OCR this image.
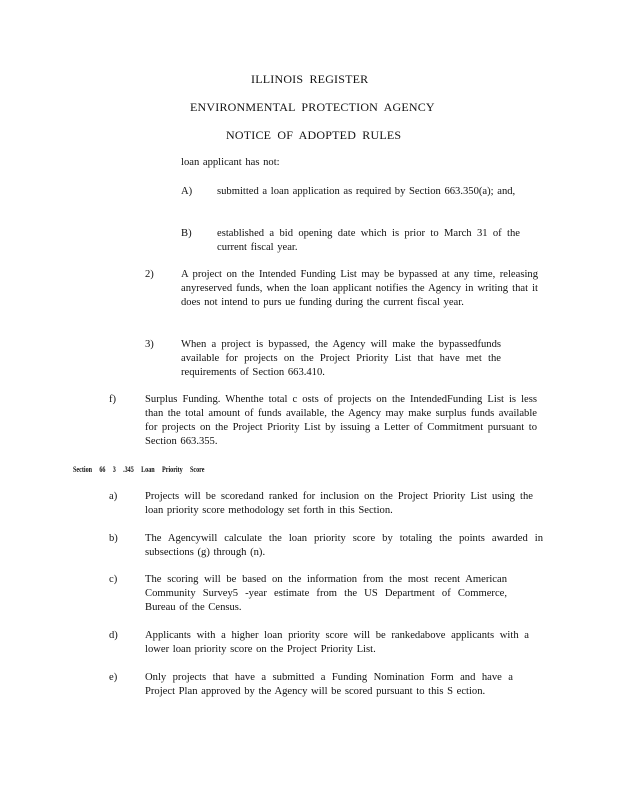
ILLINOIS REGISTER
ENVIRONMENTAL PROTECTION AGENCY
NOTICE OF ADOPTED RULES
loan applicant has not:
A) submitted a loan application as required by Section 663.350(a); and,
B) established a bid opening date which is prior to March 31 of the current fiscal year.
2)	A project on the Intended Funding List may be bypassed at any time, releasing anyreserved funds, when the loan applicant notifies the Agency in writing that it does not intend to purs ue funding during the current fiscal year.
3)	When a project is bypassed, the Agency will make the bypassedfunds available for projects on the Project Priority List that have met the requirements of Section 663.410.
f)	Surplus Funding. Whenthe total c osts of projects on the IntendedFunding List is less than the total amount of funds available, the Agency may make surplus funds available for projects on the Project Priority List by issuing a Letter of Commitment pursuant to Section 663.355.
Section 66 3 .345 Loan Priority Score
a)	Projects will be scoredand ranked for inclusion on the Project Priority List using the loan priority score methodology set forth in this Section.
b)	The Agencywill calculate the loan priority score by totaling the points awarded in subsections (g) through (n).
c)	The scoring will be based on the information from the most recent American Community Survey5 -year estimate from the US Department of Commerce, Bureau of the Census.
d)	Applicants with a higher loan priority score will be rankedabove applicants with a lower loan priority score on the Project Priority List.
e)	Only projects that have a submitted a Funding Nomination Form and have a Project Plan approved by the Agency will be scored pursuant to this S ection.
